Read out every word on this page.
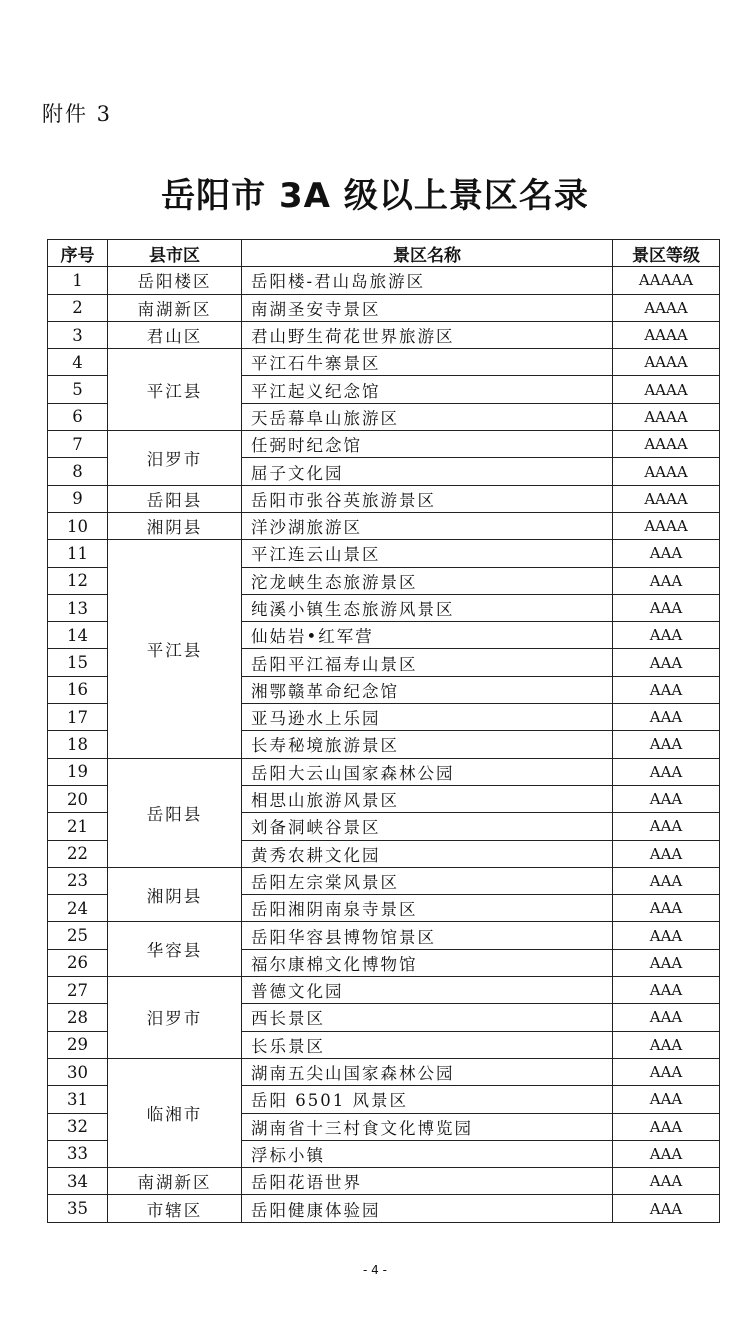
附件 3
岳阳市 3A 级以上景区名录
序号	县市区	景区名称	景区等级
1	岳阳楼区	岳阳楼-君山岛旅游区	AAAAA
2	南湖新区	南湖圣安寺景区	AAAA
3	君山区	君山野生荷花世界旅游区	AAAA
4	平江县	平江石牛寨景区	AAAA
5		平江起义纪念馆	AAAA
6		天岳幕阜山旅游区	AAAA
7	汨罗市	任弼时纪念馆	AAAA
8		屈子文化园	AAAA
9	岳阳县	岳阳市张谷英旅游景区	AAAA
10	湘阴县	洋沙湖旅游区	AAAA
11	平江县	平江连云山景区	AAA
12		沱龙峡生态旅游景区	AAA
13		纯溪小镇生态旅游风景区	AAA
14		仙姑岩•红军营	AAA
15		岳阳平江福寿山景区	AAA
16		湘鄂赣革命纪念馆	AAA
17		亚马逊水上乐园	AAA
18		长寿秘境旅游景区	AAA
19	岳阳县	岳阳大云山国家森林公园	AAA
20		相思山旅游风景区	AAA
21		刘备洞峡谷景区	AAA
22		黄秀农耕文化园	AAA
23	湘阴县	岳阳左宗棠风景区	AAA
24		岳阳湘阴南泉寺景区	AAA
25	华容县	岳阳华容县博物馆景区	AAA
26		福尔康棉文化博物馆	AAA
27	汨罗市	普德文化园	AAA
28		西长景区	AAA
29		长乐景区	AAA
30	临湘市	湖南五尖山国家森林公园	AAA
31		岳阳 6501 风景区	AAA
32		湖南省十三村食文化博览园	AAA
33		浮标小镇	AAA
34	南湖新区	岳阳花语世界	AAA
35	市辖区	岳阳健康体验园	AAA
- 4 -
